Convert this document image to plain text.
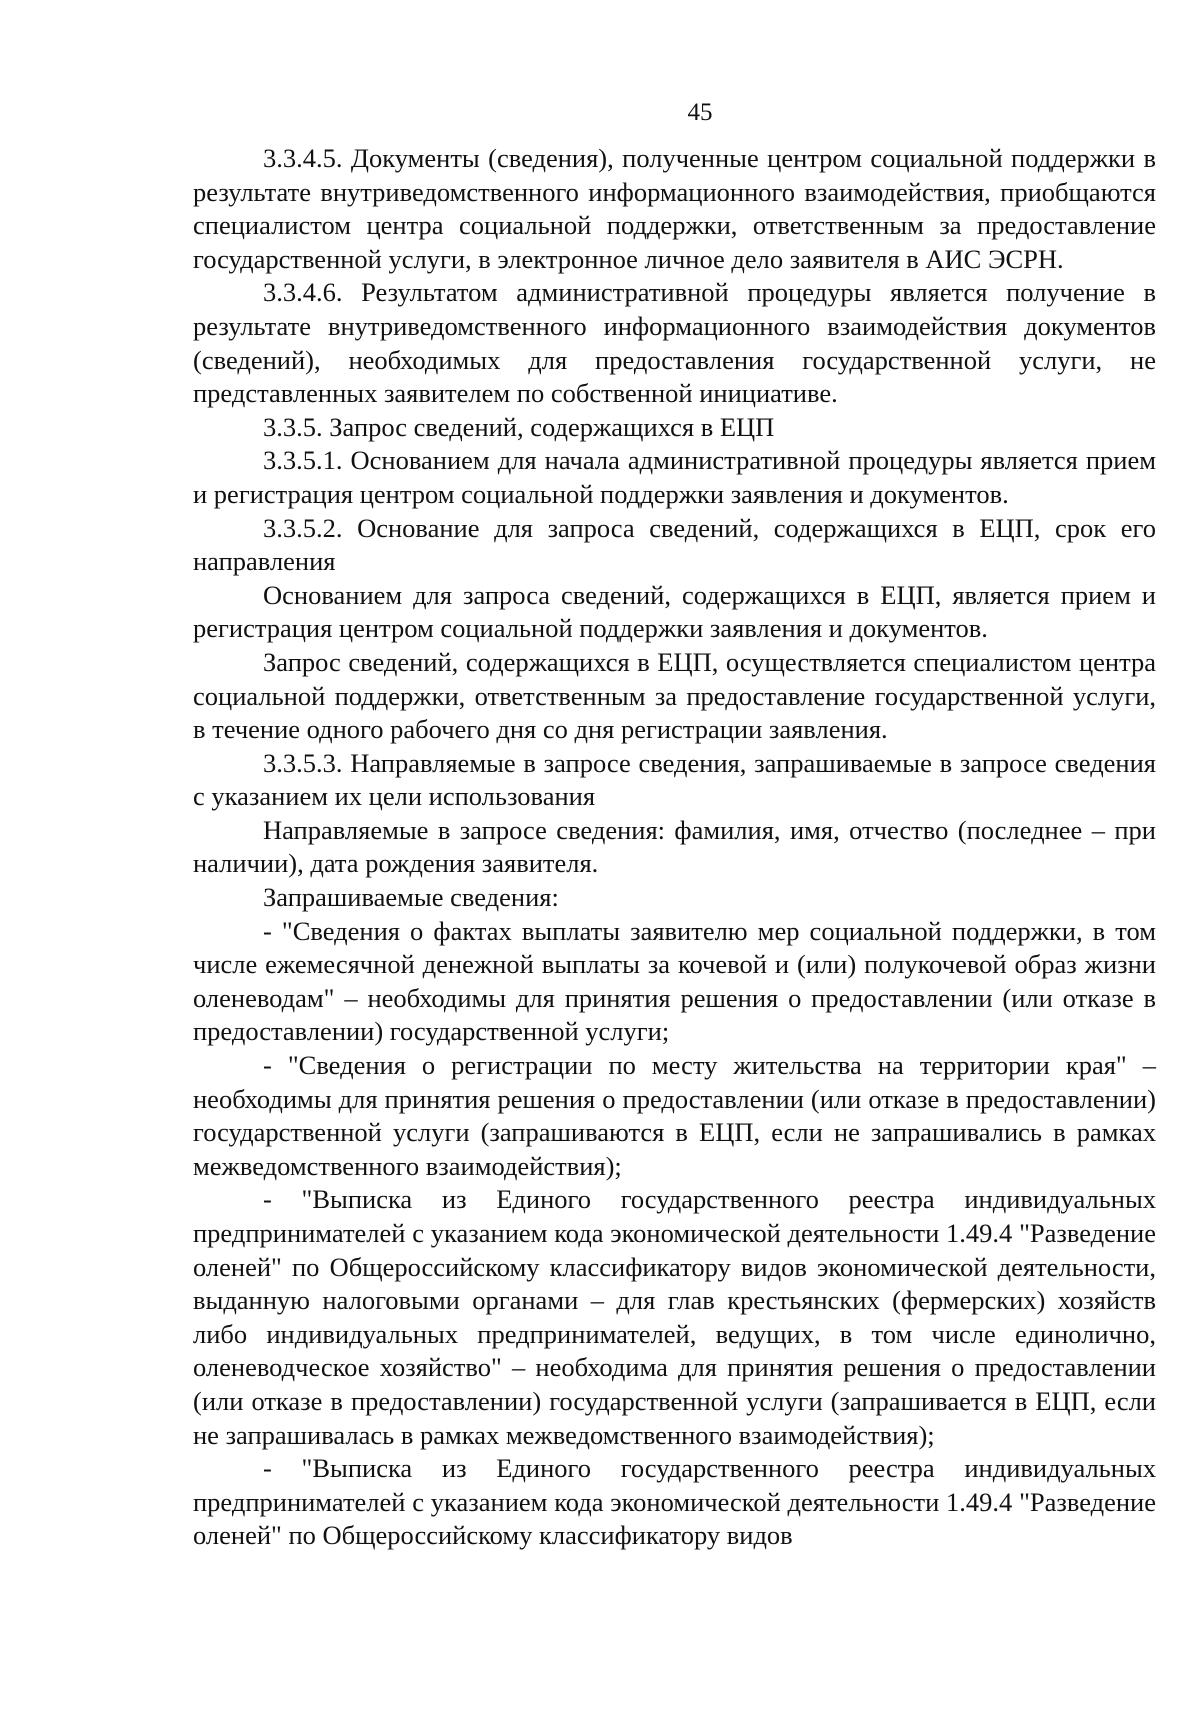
45

3.3.4.5. Документы (сведения), полученные центром социальной поддержки в результате внутриведомственного информационного взаимодействия, приобщаются специалистом центра социальной поддержки, ответственным за предоставление государственной услуги, в электронное личное дело заявителя в АИС ЭСРН.

3.3.4.6. Результатом административной процедуры является получение в результате внутриведомственного информационного взаимодействия документов (сведений), необходимых для предоставления государственной услуги, не представленных заявителем по собственной инициативе.

3.3.5. Запрос сведений, содержащихся в ЕЦП

3.3.5.1. Основанием для начала административной процедуры является прием и регистрация центром социальной поддержки заявления и документов.

3.3.5.2. Основание для запроса сведений, содержащихся в ЕЦП, срок его направления

Основанием для запроса сведений, содержащихся в ЕЦП, является прием и регистрация центром социальной поддержки заявления и документов.

Запрос сведений, содержащихся в ЕЦП, осуществляется специалистом центра социальной поддержки, ответственным за предоставление государственной услуги, в течение одного рабочего дня со дня регистрации заявления.

3.3.5.3. Направляемые в запросе сведения, запрашиваемые в запросе сведения с указанием их цели использования

Направляемые в запросе сведения: фамилия, имя, отчество (последнее – при наличии), дата рождения заявителя.

Запрашиваемые сведения:

- "Сведения о фактах выплаты заявителю мер социальной поддержки, в том числе ежемесячной денежной выплаты за кочевой и (или) полукочевой образ жизни оленеводам" – необходимы для принятия решения о предоставлении (или отказе в предоставлении) государственной услуги;

- "Сведения о регистрации по месту жительства на территории края" – необходимы для принятия решения о предоставлении (или отказе в предоставлении) государственной услуги (запрашиваются в ЕЦП, если не запрашивались в рамках межведомственного взаимодействия);

- "Выписка из Единого государственного реестра индивидуальных предпринимателей с указанием кода экономической деятельности 1.49.4 "Разведение оленей" по Общероссийскому классификатору видов экономической деятельности, выданную налоговыми органами – для глав крестьянских (фермерских) хозяйств либо индивидуальных предпринимателей, ведущих, в том числе единолично, оленеводческое хозяйство" – необходима для принятия решения о предоставлении (или отказе в предоставлении) государственной услуги (запрашивается в ЕЦП, если не запрашивалась в рамках межведомственного взаимодействия);

- "Выписка из Единого государственного реестра индивидуальных предпринимателей с указанием кода экономической деятельности 1.49.4 "Разведение оленей" по Общероссийскому классификатору видов
